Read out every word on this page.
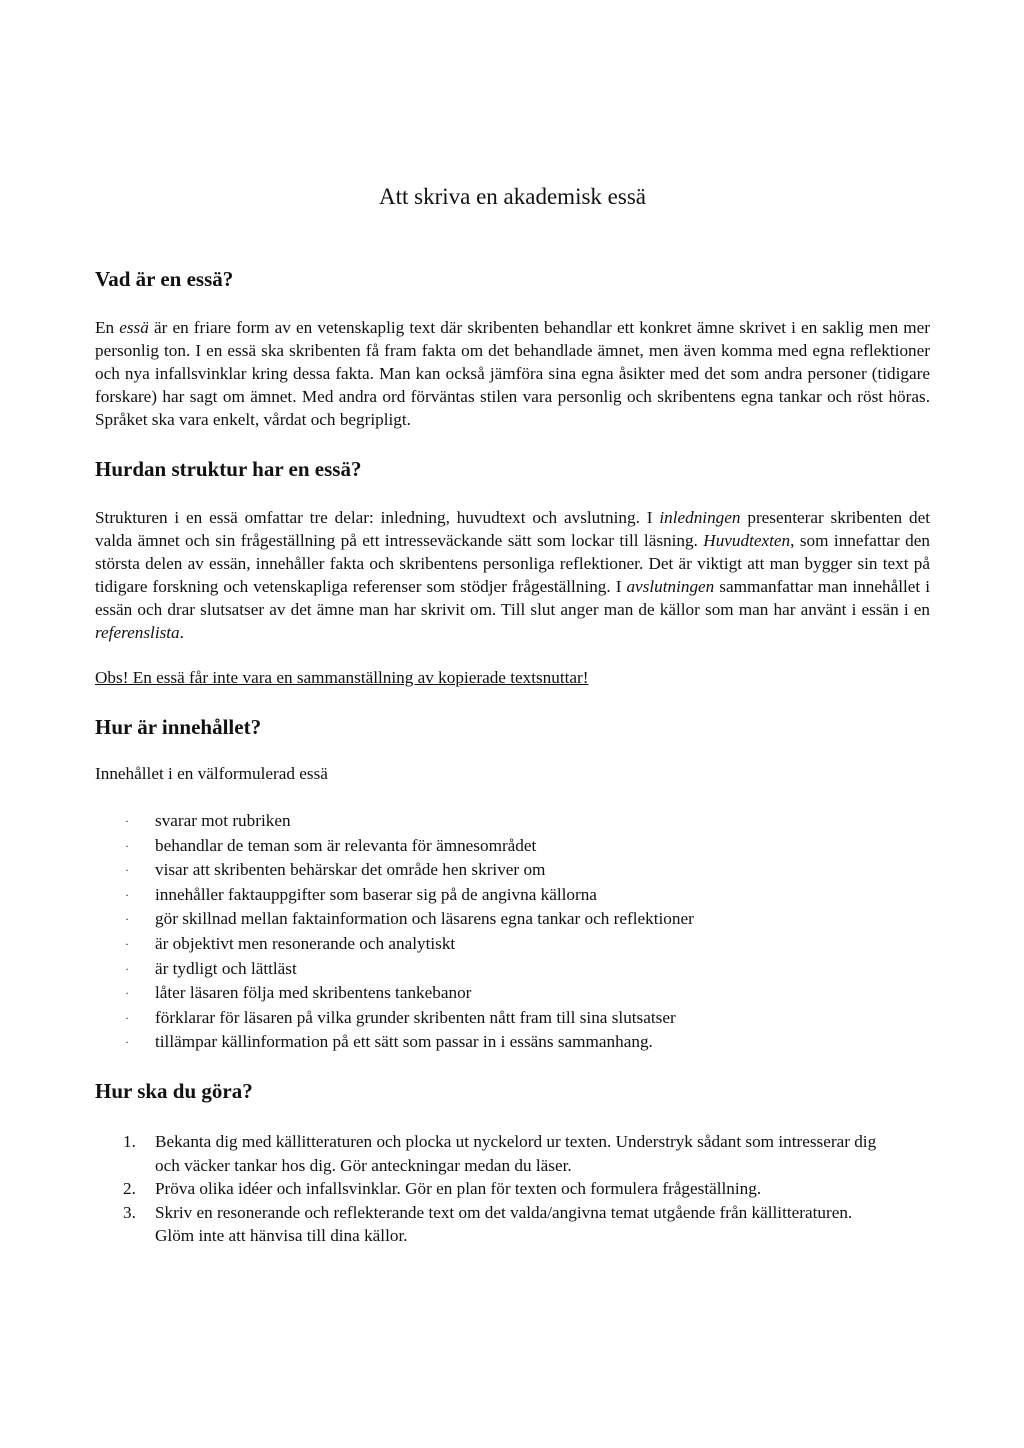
Att skriva en akademisk essä
Vad är en essä?

En essä är en friare form av en vetenskaplig text där skribenten behandlar ett konkret ämne skrivet i en saklig men mer personlig ton. I en essä ska skribenten få fram fakta om det behandlade ämnet, men även komma med egna reflektioner och nya infallsvinklar kring dessa fakta. Man kan också jämföra sina egna åsikter med det som andra personer (tidigare forskare) har sagt om ämnet. Med andra ord förväntas stilen vara personlig och skribentens egna tankar och röst höras. Språket ska vara enkelt, vårdat och begripligt.

Hurdan struktur har en essä?

Strukturen i en essä omfattar tre delar: inledning, huvudtext och avslutning. I inledningen presenterar skribenten det valda ämnet och sin frågeställning på ett intresseväckande sätt som lockar till läsning. Huvudtexten, som innefattar den största delen av essän, innehåller fakta och skribentens personliga reflektioner. Det är viktigt att man bygger sin text på tidigare forskning och vetenskapliga referenser som stödjer frågeställning. I avslutningen sammanfattar man innehållet i essän och drar slutsatser av det ämne man har skrivit om. Till slut anger man de källor som man har använt i essän i en referenslista.

Obs! En essä får inte vara en sammanställning av kopierade textsnuttar!

Hur är innehållet?

Innehållet i en välformulerad essä

· svarar mot rubriken
· behandlar de teman som är relevanta för ämnesområdet
· visar att skribenten behärskar det område hen skriver om
· innehåller faktauppgifter som baserar sig på de angivna källorna
· gör skillnad mellan faktainformation och läsarens egna tankar och reflektioner
· är objektivt men resonerande och analytiskt
· är tydligt och lättläst
· låter läsaren följa med skribentens tankebanor
· förklarar för läsaren på vilka grunder skribenten nått fram till sina slutsatser
· tillämpar källinformation på ett sätt som passar in i essäns sammanhang.
Hur ska du göra?
1. Bekanta dig med källitteraturen och plocka ut nyckelord ur texten. Understryk sådant som intresserar dig och väcker tankar hos dig. Gör anteckningar medan du läser.
2. Pröva olika idéer och infallsvinklar. Gör en plan för texten och formulera frågeställning.
3. Skriv en resonerande och reflekterande text om det valda/angivna temat utgående från källitteraturen. Glöm inte att hänvisa till dina källor.
